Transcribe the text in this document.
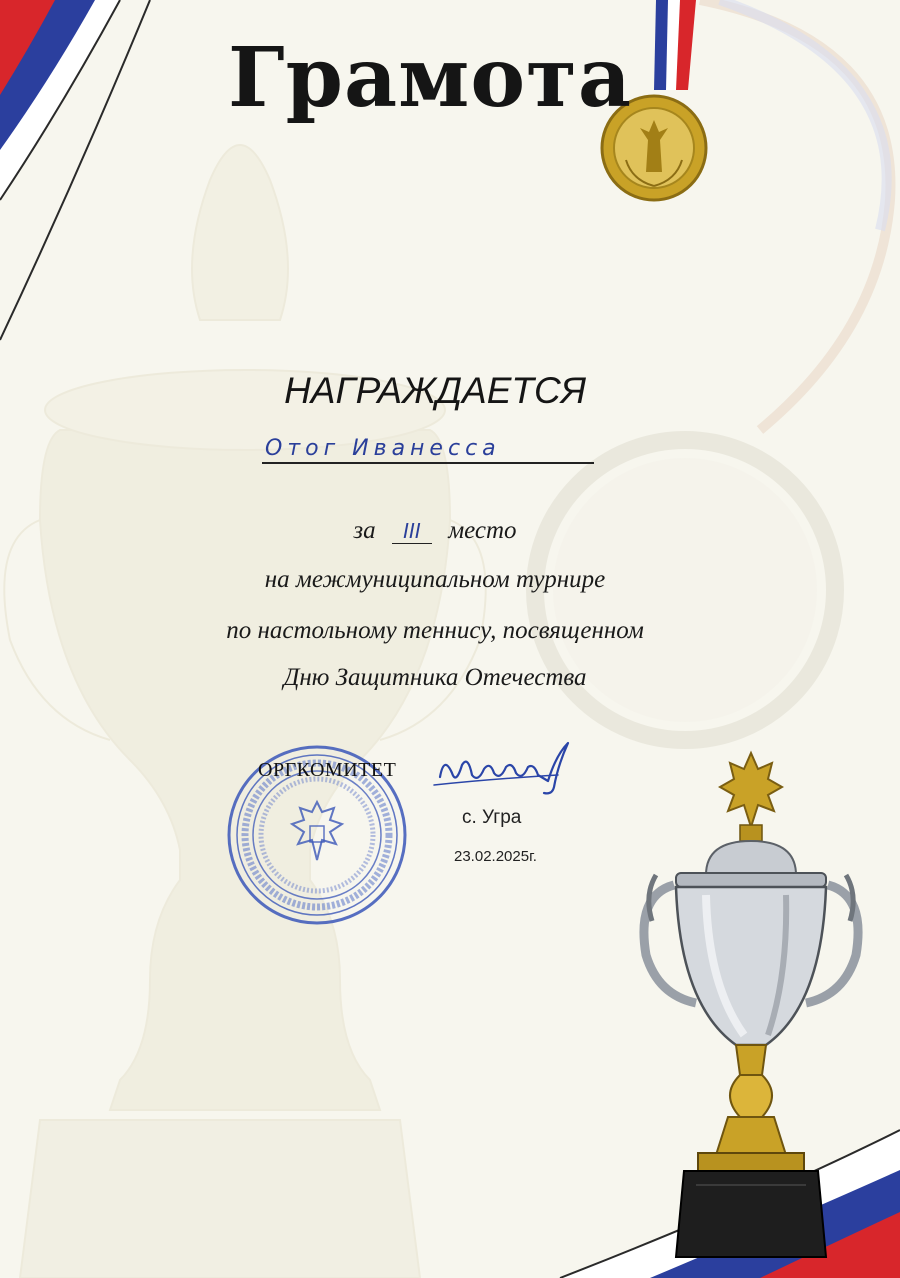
Грамота
НАГРАЖДАЕТСЯ
Отог Иванесса
за III место
на межмуниципальном турнире
по настольному теннису, посвященном
Дню Защитника Отечества
ОРГКОМИТЕТ
с. Угра
23.02.2025г.
